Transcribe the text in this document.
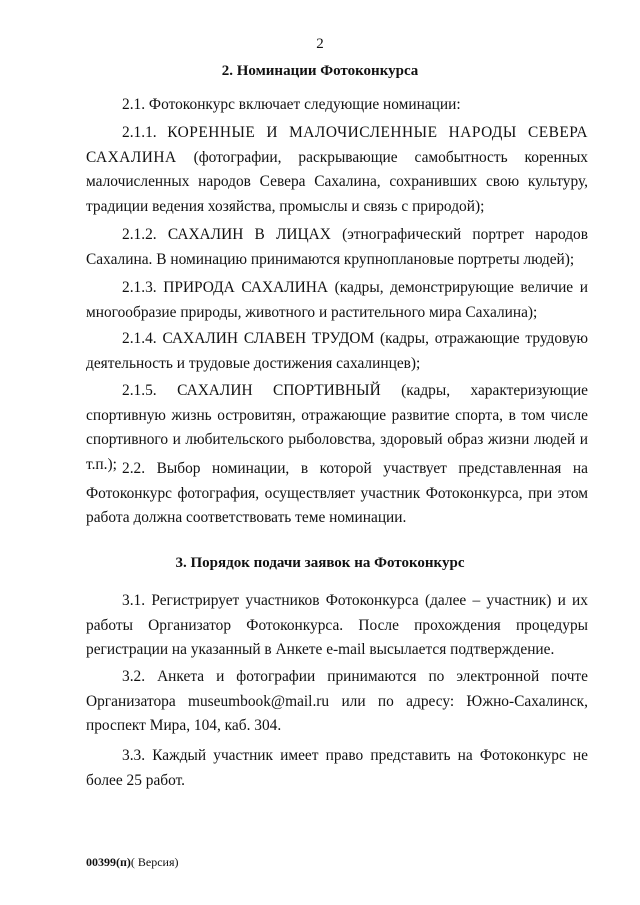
2
2. Номинации Фотоконкурса

2.1. Фотоконкурс включает следующие номинации:

2.1.1. КОРЕННЫЕ И МАЛОЧИСЛЕННЫЕ НАРОДЫ СЕВЕРА САХАЛИНА (фотографии, раскрывающие самобытность коренных малочисленных народов Севера Сахалина, сохранивших свою культуру, традиции ведения хозяйства, промыслы и связь с природой);

2.1.2. САХАЛИН В ЛИЦАХ (этнографический портрет народов Сахалина. В номинацию принимаются крупноплановые портреты людей);

2.1.3. ПРИРОДА САХАЛИНА (кадры, демонстрирующие величие и многообразие природы, животного и растительного мира Сахалина);

2.1.4. САХАЛИН СЛАВЕН ТРУДОМ (кадры, отражающие трудовую деятельность и трудовые достижения сахалинцев);

2.1.5. САХАЛИН СПОРТИВНЫЙ (кадры, характеризующие спортивную жизнь островитян, отражающие развитие спорта, в том числе спортивного и любительского рыболовства, здоровый образ жизни людей и т.п.); 2.2. Выбор номинации, в которой участвует представленная на Фотоконкурс фотография, осуществляет участник Фотоконкурса, при этом работа должна соответствовать теме номинации.

3. Порядок подачи заявок на Фотоконкурс

3.1. Регистрирует участников Фотоконкурса (далее – участник) и их работы Организатор Фотоконкурса. После прохождения процедуры регистрации на указанный в Анкете e-mail высылается подтверждение.

3.2. Анкета и фотографии принимаются по электронной почте Организатора museumbook@mail.ru или по адресу: Южно-Сахалинск, проспект Мира, 104, каб. 304.

3.3. Каждый участник имеет право представить на Фотоконкурс не более 25 работ.

00399(п)( Версия)
